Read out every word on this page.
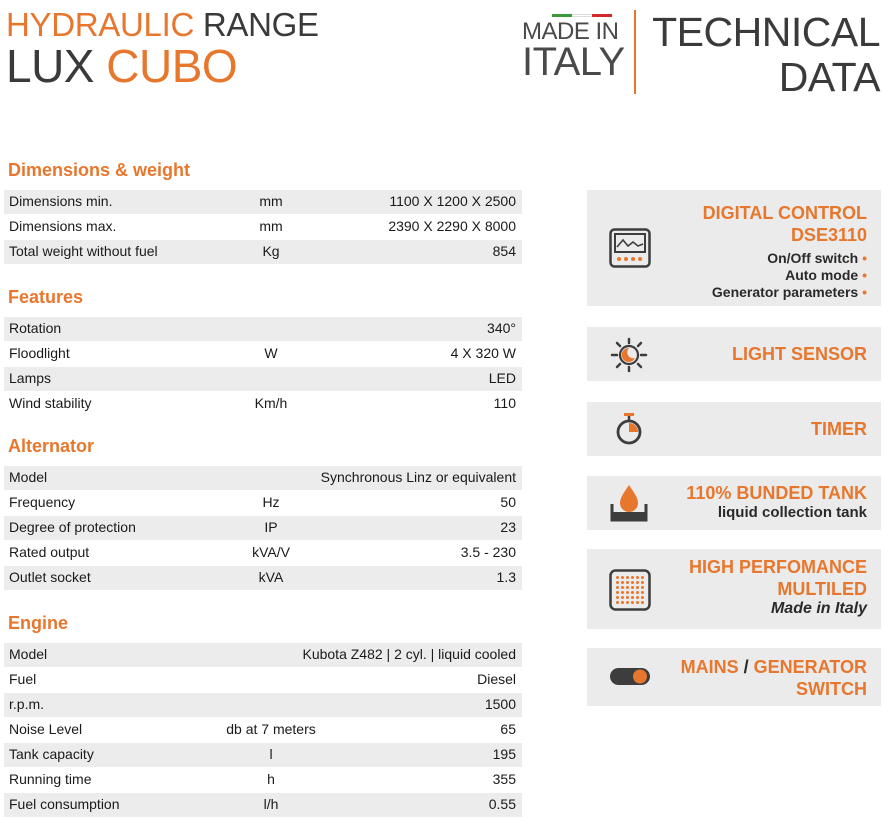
HYDRAULIC RANGE
LUX CUBO
MADE IN
ITALY
TECHNICAL
DATA
Dimensions & weight
Dimensions min.	mm	1100 X 1200 X 2500
Dimensions max.	mm	2390 X 2290 X 8000
Total weight without fuel	Kg	854
Features
Rotation	340°
Floodlight	W	4 X 320 W
Lamps	LED
Wind stability	Km/h	110
Alternator
Model	Synchronous Linz or equivalent
Frequency	Hz	50
Degree of protection	IP	23
Rated output	kVA/V	3.5 - 230
Outlet socket	kVA	1.3
Engine
Model	Kubota Z482 | 2 cyl. | liquid cooled
Fuel	Diesel
r.p.m.	1500
Noise Level	db at 7 meters	65
Tank capacity	l	195
Running time	h	355
Fuel consumption	l/h	0.55
DIGITAL CONTROL
DSE3110
On/Off switch •
Auto mode •
Generator parameters •
LIGHT SENSOR
TIMER
110% BUNDED TANK
liquid collection tank
HIGH PERFOMANCE
MULTILED
Made in Italy
MAINS / GENERATOR
SWITCH
